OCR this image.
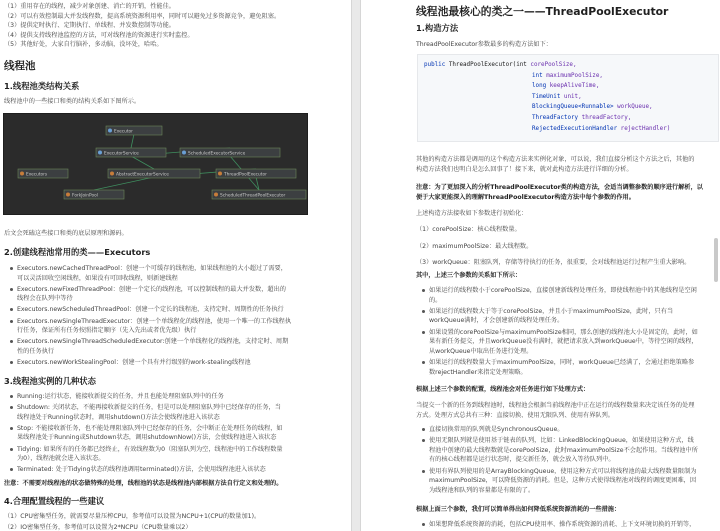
（1）重用存在的线程，减少对象创建、消亡的开销，性能佳。
（2）可以有效控制最大并发线程数，提高系统资源利用率，同时可以避免过多资源竞争，避免阻塞。
（3）提供定时执行、定期执行、单线程、并发数控制等功能。
（4）提供支持线程池监控的方法，可对线程池的资源进行实时监控。
（5）其他好处，大家自行脑补，多动脑，没坏处，哈哈。
线程池
1.线程池类结构关系
线程池中的一些接口和类的结构关系如下图所示。
Executor
ExecutorService
AbstractExecutorService	ThreadPoolExecutor
ScheduledExecutorService
ScheduledThreadPoolExecutor
ForkJoinPool
Executors
后文会死磕这些接口和类的底层原理和源码。
2.创建线程池常用的类——Executors
Executors.newCachedThreadPool：创建一个可缓存的线程池，如果线程池的大小超过了需要，
可以灵活回收空闲线程，如果没有可回收线程，则新建线程
Executors.newFixedThreadPool：创建一个定长的线程池，可以控制线程的最大并发数，超出的
线程会在队列中等待
Executors.newScheduledThreadPool：创建一个定长的线程池，支持定时、周期性的任务执行
Executors.newSingleThreadExecutor：创建一个单线程化的线程池，使用一个唯一的工作线程执
行任务，保证所有任务按照指定顺序（先入先出或者优先级）执行
Executors.newSingleThreadScheduledExecutor:创建一个单线程化的线程池，支持定时、周期
性的任务执行
Executors.newWorkStealingPool：创建一个具有并行级别的work-stealing线程池
3.线程池实例的几种状态
Running:运行状态，能接收新提交的任务，并且也能处理阻塞队列中的任务
Shutdown: 关闭状态，不能再接收新提交的任务，但是可以处理阻塞队列中已经保存的任务，当
线程池处于Running状态时，调用shutdown()方法会使线程池进入该状态
Stop: 不能接收新任务，也不能处理阻塞队列中已经保存的任务，会中断正在处理任务的线程，如
果线程池处于Running或Shutdown状态，调用shutdownNow()方法，会使线程池进入该状态
Tidying: 如果所有的任务都已经终止，有效线程数为0（阻塞队列为空，线程池中的工作线程数量
为0），线程池就会进入该状态。
Terminated: 处于Tidying状态的线程池调用terminated()方法，会使用线程池进入该状态
注意：不需要对线程池的状态做特殊的处理，线程池的状态是线程池内部根据方法自行定义和处理的。
4.合理配置线程的一些建议
（1）CPU密集型任务，就需要尽量压榨CPU，参考值可以设置为NCPU+1(CPU的数量加1)。
（2）IO密集型任务，参考值可以设置为2*NCPU（CPU数量乘以2）
线程池最核心的类之一——ThreadPoolExecutor
1.构造方法
ThreadPoolExecutor参数最多的构造方法如下：
public ThreadPoolExecutor(int corePoolSize,
int maximumPoolSize,
long keepAliveTime,
TimeUnit unit,
BlockingQueue<Runnable> workQueue,
ThreadFactory threadFactory,
RejectedExecutionHandler rejectHandler)
其他的构造方法都是调用的这个构造方法来实例化对象，可以说，我们直接分析这个方法之后，其他的
构造方法我们也明白是怎么回事了！接下来，就对此构造方法进行详细的分析。
注意：为了更加深入的分析ThreadPoolExecutor类的构造方法，会适当调整参数的顺序进行解析，以
便于大家更能深入的理解ThreadPoolExecutor构造方法中每个参数的作用。
上述构造方法接收如下参数进行初始化：
（1）corePoolSize：核心线程数量。
（2）maximumPoolSize：最大线程数。
（3）workQueue：阻塞队列，存储等待执行的任务，很重要，会对线程池运行过程产生重大影响。
其中，上述三个参数的关系如下所示：
如果运行的线程数小于corePoolSize，直接创建新线程处理任务，即使线程池中的其他线程是空闲
的。
如果运行的线程数大于等于corePoolSize，并且小于maximumPoolSize，此时，只有当
workQueue满时，才会创建新的线程处理任务。
如果设置的corePoolSize与maximumPoolSize相同，那么创建的线程池大小是固定的，此时，如
果有新任务提交，并且workQueue没有满时，就把请求放入到workQueue中，等待空闲的线程，
从workQueue中取出任务进行处理。
如果运行的线程数量大于maximumPoolSize，同时，workQueue已经满了，会通过拒绝策略参
数rejectHandler来指定处理策略。
根据上述三个参数的配置，线程池会对任务进行如下处理方式：
当提交一个新的任务到线程池时，线程池会根据当前线程池中正在运行的线程数量来决定该任务的处理
方式。处理方式总共有三种：直接切换、使用无限队列、使用有界队列。
直接切换常用的队列就是SynchronousQueue。
使用无限队列就是使用基于链表的队列，比如：LinkedBlockingQueue，如果使用这种方式，线
程池中创建的最大线程数就是corePoolSize，此时maximumPoolSize不会起作用。当线程池中所
有的核心线程都是运行状态时，提交新任务，就会放入等待队列中。
使用有界队列使用的是ArrayBlockingQueue，使用这种方式可以将线程池的最大线程数量限制为
maximumPoolSize，可以降低资源的消耗。但是，这种方式使得线程池对线程的调度更困难，因
为线程池和队列的容量都是有限的了。
根据上面三个参数，我们可以简单得出如何降低系统资源消耗的一些措施：
如果想降低系统资源的消耗，包括CPU使用率、操作系统资源的消耗、上下文环境切换的开销等，
